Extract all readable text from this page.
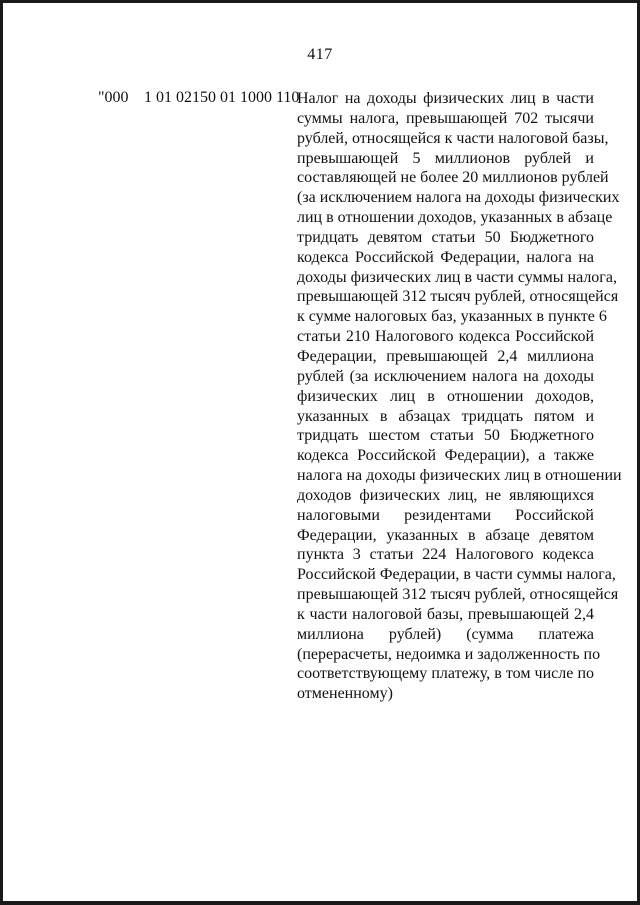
417
"000 1 01 02150 01 1000 110
Налог на доходы физических лиц в части
суммы налога, превышающей 702 тысячи
рублей, относящейся к части налоговой базы,
превышающей 5 миллионов рублей и
составляющей не более 20 миллионов рублей
(за исключением налога на доходы физических
лиц в отношении доходов, указанных в абзаце
тридцать девятом статьи 50 Бюджетного
кодекса Российской Федерации, налога на
доходы физических лиц в части суммы налога,
превышающей 312 тысяч рублей, относящейся
к сумме налоговых баз, указанных в пункте 6
статьи 210 Налогового кодекса Российской
Федерации, превышающей 2,4 миллиона
рублей (за исключением налога на доходы
физических лиц в отношении доходов,
указанных в абзацах тридцать пятом и
тридцать шестом статьи 50 Бюджетного
кодекса Российской Федерации), а также
налога на доходы физических лиц в отношении
доходов физических лиц, не являющихся
налоговыми резидентами Российской
Федерации, указанных в абзаце девятом
пункта 3 статьи 224 Налогового кодекса
Российской Федерации, в части суммы налога,
превышающей 312 тысяч рублей, относящейся
к части налоговой базы, превышающей 2,4
миллиона рублей) (сумма платежа
(перерасчеты, недоимка и задолженность по
соответствующему платежу, в том числе по
отмененному)
